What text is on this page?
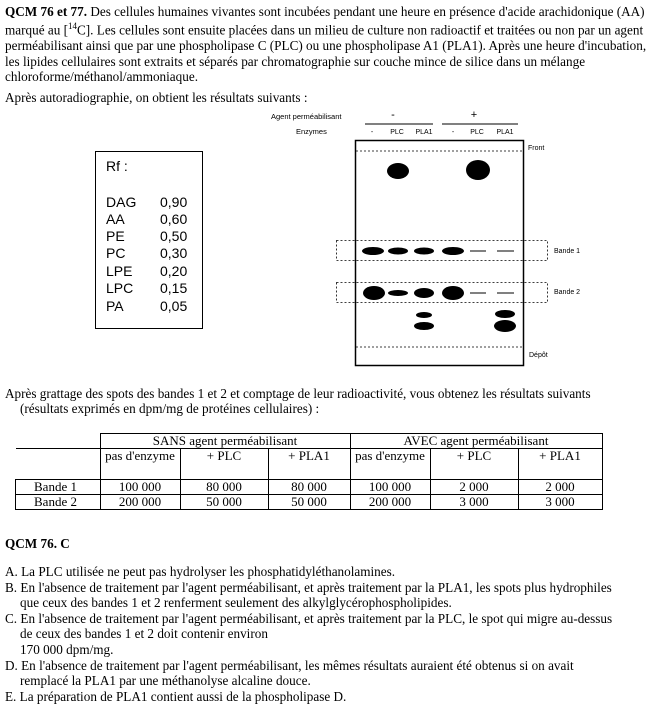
QCM 76 et 77. Des cellules humaines vivantes sont incubées pendant une heure en présence d'acide arachidonique (AA) marqué au [$^{14}$C]. Les cellules sont ensuite placées dans un milieu de culture non radioactif et traitées ou non par un agent perméabilisant ainsi que par une phospholipase C (PLC) ou une phospholipase A1 (PLA1). Après une heure d'incubation, les lipides cellulaires sont extraits et séparés par chromatographie sur couche mince de silice dans un mélange chloroforme/méthanol/ammoniaque.
Après autoradiographie, on obtient les résultats suivants :
Rf :
DAG 0,90
AA	0,60
PE	0,50
PC 0,30
LPE 0,20
LPC 0,15
PA	0,05
Agent perméabilisant
Enzymes
-	+
- PLC PLA1	- PLC PLA1
Front
Dépôt
Bande 1
Bande 2
Après grattage des spots des bandes 1 et 2 et comptage de leur radioactivité, vous obtenez les résultats suivants
(résultats exprimés en dpm/mg de protéines cellulaires) :
	SANS agent perméabilisant			AVEC agent perméabilisant		
	pas d'enzyme	+ PLC	+ PLA1	pas d'enzyme	+ PLC	+ PLA1
Bande 1	100 000	80 000	80 000	100 000	2 000	2 000
Bande 2	200 000	50 000	50 000	200 000	3 000	3 000
QCM 76. C
A. La PLC utilisée ne peut pas hydrolyser les phosphatidyléthanolamines.
B. En l'absence de traitement par l'agent perméabilisant, et après traitement par la PLA1, les spots plus hydrophiles
que ceux des bandes 1 et 2 renferment seulement des alkylglycérophospholipides.
C. En l'absence de traitement par l'agent perméabilisant, et après traitement par la PLC, le spot qui migre au-dessus
de ceux des bandes 1 et 2 doit contenir environ
170 000 dpm/mg.
D. En l'absence de traitement par l'agent perméabilisant, les mêmes résultats auraient été obtenus si on avait
remplacé la PLA1 par une méthanolyse alcaline douce.
E. La préparation de PLA1 contient aussi de la phospholipase D.
